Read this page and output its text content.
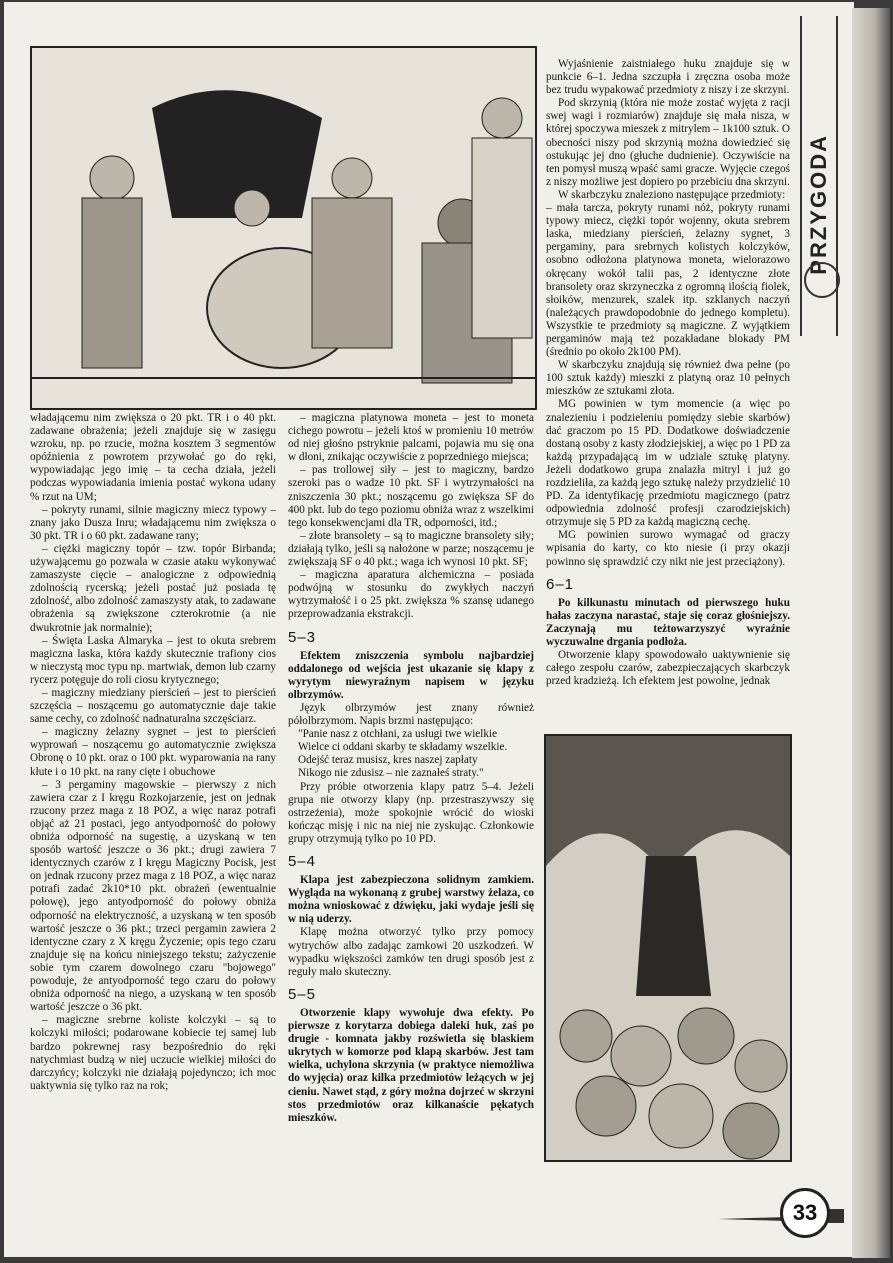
PRZYGODA

władającemu nim zwiększa o 20 pkt. TR i o 40 pkt. zadawane obrażenia; jeżeli znajduje się w zasięgu wzroku, np. po rzucie, można kosztem 3 segmentów opóźnienia z powrotem przywołać go do ręki, wypowiadając jego imię – ta cecha działa, jeżeli podczas wypowiadania imienia postać wykona udany % rzut na UM;

– pokryty runami, silnie magiczny miecz typowy – znany jako Dusza Inru; władającemu nim zwiększa o 30 pkt. TR i o 60 pkt. zadawane rany;

– ciężki magiczny topór – tzw. topór Birbanda; używającemu go pozwala w czasie ataku wykonywać zamaszyste cięcie – analogiczne z odpowiednią zdolnością rycerską; jeżeli postać już posiada tę zdolność, albo zdolność zamaszysty atak, to zadawane obrażenia są zwiększone czterokrotnie (a nie dwukrotnie jak normalnie);

– Święta Laska Almaryka – jest to okuta srebrem magiczna laska, która każdy skutecznie trafiony cios w nieczystą moc typu np. martwiak, demon lub czarny rycerz potęguje do roli ciosu krytycznego;

– magiczny miedziany pierścień – jest to pierścień szczęścia – noszącemu go automatycznie daje takie same cechy, co zdolność nadnaturalna szczęściarz.

– magiczny żelazny sygnet – jest to pierścień wyprowań – noszącemu go automatycznie zwiększa Obronę o 10 pkt. oraz o 100 pkt. wyparowania na rany kłute i o 10 pkt. na rany cięte i obuchowe

– 3 pergaminy magowskie – pierwszy z nich zawiera czar z I kręgu Rozkojarzenie, jest on jednak rzucony przez maga z 18 POZ, a więc naraz potrafi objąć aż 21 postaci, jego antyodporność do połowy obniża odporność na sugestię, a uzyskaną w ten sposób wartość jeszcze o 36 pkt.; drugi zawiera 7 identycznych czarów z I kręgu Magiczny Pocisk, jest on jednak rzucony przez maga z 18 POZ, a więc naraz potrafi zadać 2k10*10 pkt. obrażeń (ewentualnie połowę), jego antyodporność do połowy obniża odporność na elektryczność, a uzyskaną w ten sposób wartość jeszcze o 36 pkt.; trzeci pergamin zawiera 2 identyczne czary z X kręgu Życzenie; opis tego czaru znajduje się na końcu niniejszego tekstu; zażyczenie sobie tym czarem dowolnego czaru "bojowego" powoduje, że antyodporność tego czaru do połowy obniża odporność na niego, a uzyskaną w ten sposób wartość jeszcze o 36 pkt.

– magiczne srebrne koliste kolczyki – są to kolczyki miłości; podarowane kobiecie tej samej lub bardzo pokrewnej rasy bezpośrednio do ręki natychmiast budzą w niej uczucie wielkiej miłości do darczyńcy; kolczyki nie działają pojedynczo; ich moc uaktywnia się tylko raz na rok;

– magiczna platynowa moneta – jest to moneta cichego powrotu – jeżeli ktoś w promieniu 10 metrów od niej głośno pstryknie palcami, pojawia mu się ona w dłoni, znikając oczywiście z poprzedniego miejsca;

– pas trollowej siły – jest to magiczny, bardzo szeroki pas o wadze 10 pkt. SF i wytrzymałości na zniszczenia 30 pkt.; noszącemu go zwiększa SF do 400 pkt. lub do tego poziomu obniża wraz z wszelkimi tego konsekwencjami dla TR, odporności, itd.;

– złote bransolety – są to magiczne bransolety siły; działają tylko, jeśli są nałożone w parze; noszącemu je zwiększają SF o 40 pkt.; waga ich wynosi 10 pkt. SF;

– magiczna aparatura alchemiczna – posiada podwójną w stosunku do zwykłych naczyń wytrzymałość i o 25 pkt. zwiększa % szansę udanego przeprowadzania ekstrakcji.

5–3

Efektem zniszczenia symbolu najbardziej oddalonego od wejścia jest ukazanie się klapy z wyrytym niewyraźnym napisem w języku olbrzymów.

Język olbrzymów jest znany również półolbrzymom. Napis brzmi następująco:

"Panie nasz z otchłani, za usługi twe wielkie

Wielce ci oddani skarby te składamy wszelkie.

Odejść teraz musisz, kres naszej zapłaty

Nikogo nie zdusisz – nie zaznałeś straty."

Przy próbie otworzenia klapy patrz 5–4. Jeżeli grupa nie otworzy klapy (np. przestraszywszy się ostrzeżenia), może spokojnie wrócić do wioski kończąc misję i nic na niej nie zyskując. Członkowie grupy otrzymują tylko po 10 PD.

5–4

Klapa jest zabezpieczona solidnym zamkiem. Wygląda na wykonaną z grubej warstwy żelaza, co można wnioskować z dźwięku, jaki wydaje jeśli się w nią uderzy.

Klapę można otworzyć tylko przy pomocy wytrychów albo zadając zamkowi 20 uszkodzeń. W wypadku większości zamków ten drugi sposób jest z reguły mało skuteczny.

5–5

Otworzenie klapy wywołuje dwa efekty. Po pierwsze z korytarza dobiega daleki huk, zaś po drugie - komnata jakby rozświetla się blaskiem ukrytych w komorze pod klapą skarbów. Jest tam wielka, uchylona skrzynia (w praktyce niemożliwa do wyjęcia) oraz kilka przedmiotów leżących w jej cieniu. Nawet stąd, z góry można dojrzeć w skrzyni stos przedmiotów oraz kilkanaście pękatych mieszków.

Wyjaśnienie zaistniałego huku znajduje się w punkcie 6–1. Jedna szczupła i zręczna osoba może bez trudu wypakować przedmioty z niszy i ze skrzyni.

Pod skrzynią (która nie może zostać wyjęta z racji swej wagi i rozmiarów) znajduje się mała nisza, w której spoczywa mieszek z mitrylem – 1k100 sztuk. O obecności niszy pod skrzynią można dowiedzieć się ostukując jej dno (głuche dudnienie). Oczywiście na ten pomysł muszą wpaść sami gracze. Wyjęcie czegoś z niszy możliwe jest dopiero po przebiciu dna skrzyni.

W skarbczyku znaleziono następujące przedmioty:

– mała tarcza, pokryty runami nóż, pokryty runami typowy miecz, ciężki topór wojenny, okuta srebrem laska, miedziany pierścień, żelazny sygnet, 3 pergaminy, para srebrnych kolistych kolczyków, osobno odłożona platynowa moneta, wielorazowo okręcany wokół talii pas, 2 identyczne złote bransolety oraz skrzyneczka z ogromną ilością fiolek, słoików, menzurek, szalek itp. szklanych naczyń (należących prawdopodobnie do jednego kompletu). Wszystkie te przedmioty są magiczne. Z wyjątkiem pergaminów mają też pozakładane blokady PM (średnio po około 2k100 PM).

W skarbczyku znajdują się również dwa pełne (po 100 sztuk każdy) mieszki z platyną oraz 10 pełnych mieszków ze sztukami złota.

MG powinien w tym momencie (a więc po znalezieniu i podzieleniu pomiędzy siebie skarbów) dać graczom po 15 PD. Dodatkowe doświadczenie dostaną osoby z kasty złodziejskiej, a więc po 1 PD za każdą przypadającą im w udziale sztukę platyny. Jeżeli dodatkowo grupa znalazła mitryl i już go rozdzieliła, za każdą jego sztukę należy przydzielić 10 PD. Za identyfikację przedmiotu magicznego (patrz odpowiednia zdolność profesji czarodziejskich) otrzymuje się 5 PD za każdą magiczną cechę.

MG powinien surowo wymagać od graczy wpisania do karty, co kto niesie (i przy okazji powinno się sprawdzić czy nikt nie jest przeciążony).

6–1

Po kilkunastu minutach od pierwszego huku hałas zaczyna narastać, staje się coraz głośniejszy. Zaczynają mu teżtowarzyszyć wyraźnie wyczuwalne drgania podłoża.

Otworzenie klapy spowodowało uaktywnienie się całego zespołu czarów, zabezpieczających skarbczyk przed kradzieżą. Ich efektem jest powolne, jednak

33
